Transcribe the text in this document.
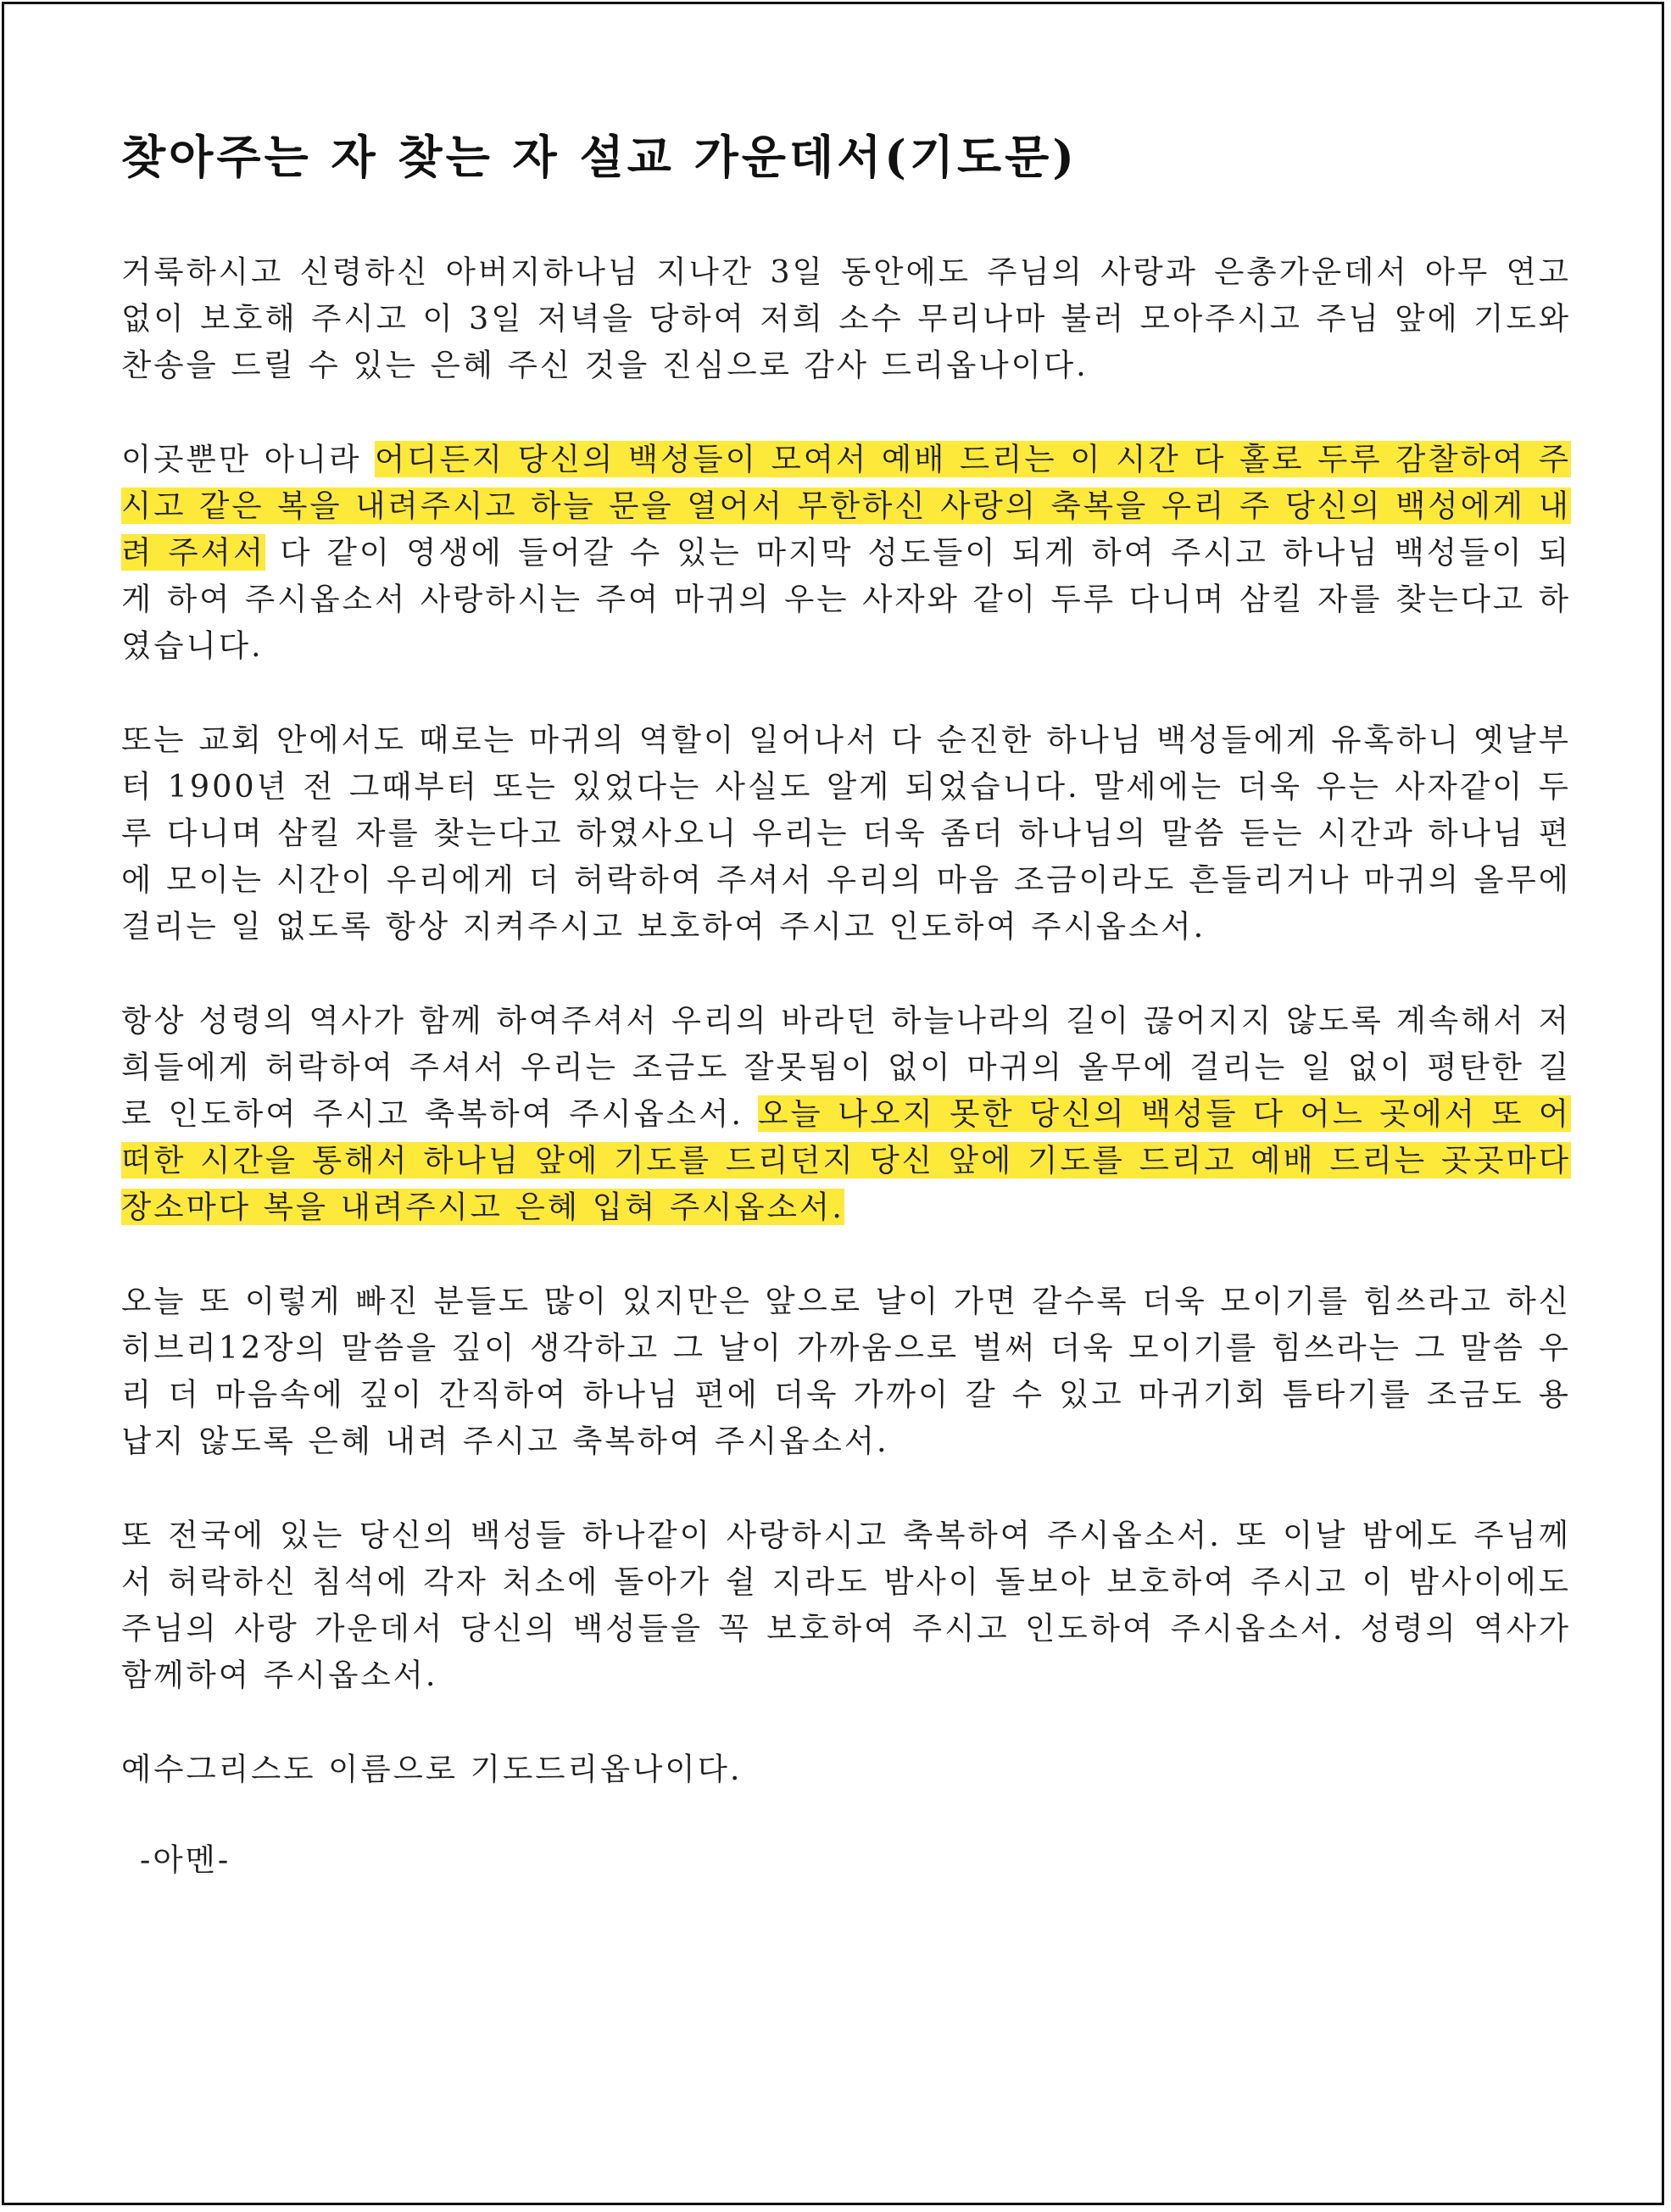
찾아주는 자 찾는 자 설교 가운데서(기도문)

거룩하시고 신령하신 아버지하나님 지나간 3일 동안에도 주님의 사랑과 은총가운데서 아무 연고 없이 보호해 주시고 이 3일 저녁을 당하여 저희 소수 무리나마 불러 모아주시고 주님 앞에 기도와 찬송을 드릴 수 있는 은혜 주신 것을 진심으로 감사 드리옵나이다.

이곳뿐만 아니라 어디든지 당신의 백성들이 모여서 예배 드리는 이 시간 다 홀로 두루 감찰하여 주시고 같은 복을 내려주시고 하늘 문을 열어서 무한하신 사랑의 축복을 우리 주 당신의 백성에게 내려 주셔서 다 같이 영생에 들어갈 수 있는 마지막 성도들이 되게 하여 주시고 하나님 백성들이 되게 하여 주시옵소서 사랑하시는 주여 마귀의 우는 사자와 같이 두루 다니며 삼킬 자를 찾는다고 하였습니다.

또는 교회 안에서도 때로는 마귀의 역할이 일어나서 다 순진한 하나님 백성들에게 유혹하니 옛날부터 1900년 전 그때부터 또는 있었다는 사실도 알게 되었습니다. 말세에는 더욱 우는 사자같이 두루 다니며 삼킬 자를 찾는다고 하였사오니 우리는 더욱 좀더 하나님의 말씀 듣는 시간과 하나님 편에 모이는 시간이 우리에게 더 허락하여 주셔서 우리의 마음 조금이라도 흔들리거나 마귀의 올무에 걸리는 일 없도록 항상 지켜주시고 보호하여 주시고 인도하여 주시옵소서.

항상 성령의 역사가 함께 하여주셔서 우리의 바라던 하늘나라의 길이 끊어지지 않도록 계속해서 저희들에게 허락하여 주셔서 우리는 조금도 잘못됨이 없이 마귀의 올무에 걸리는 일 없이 평탄한 길로 인도하여 주시고 축복하여 주시옵소서. 오늘 나오지 못한 당신의 백성들 다 어느 곳에서 또 어떠한 시간을 통해서 하나님 앞에 기도를 드리던지 당신 앞에 기도를 드리고 예배 드리는 곳곳마다 장소마다 복을 내려주시고 은혜 입혀 주시옵소서.

오늘 또 이렇게 빠진 분들도 많이 있지만은 앞으로 날이 가면 갈수록 더욱 모이기를 힘쓰라고 하신 히브리12장의 말씀을 깊이 생각하고 그 날이 가까움으로 벌써 더욱 모이기를 힘쓰라는 그 말씀 우리 더 마음속에 깊이 간직하여 하나님 편에 더욱 가까이 갈 수 있고 마귀기회 틈타기를 조금도 용납지 않도록 은혜 내려 주시고 축복하여 주시옵소서.

또 전국에 있는 당신의 백성들 하나같이 사랑하시고 축복하여 주시옵소서. 또 이날 밤에도 주님께서 허락하신 침석에 각자 처소에 돌아가 쉴 지라도 밤사이 돌보아 보호하여 주시고 이 밤사이에도 주님의 사랑 가운데서 당신의 백성들을 꼭 보호하여 주시고 인도하여 주시옵소서. 성령의 역사가 함께하여 주시옵소서.

예수그리스도 이름으로 기도드리옵나이다.

-아멘-
